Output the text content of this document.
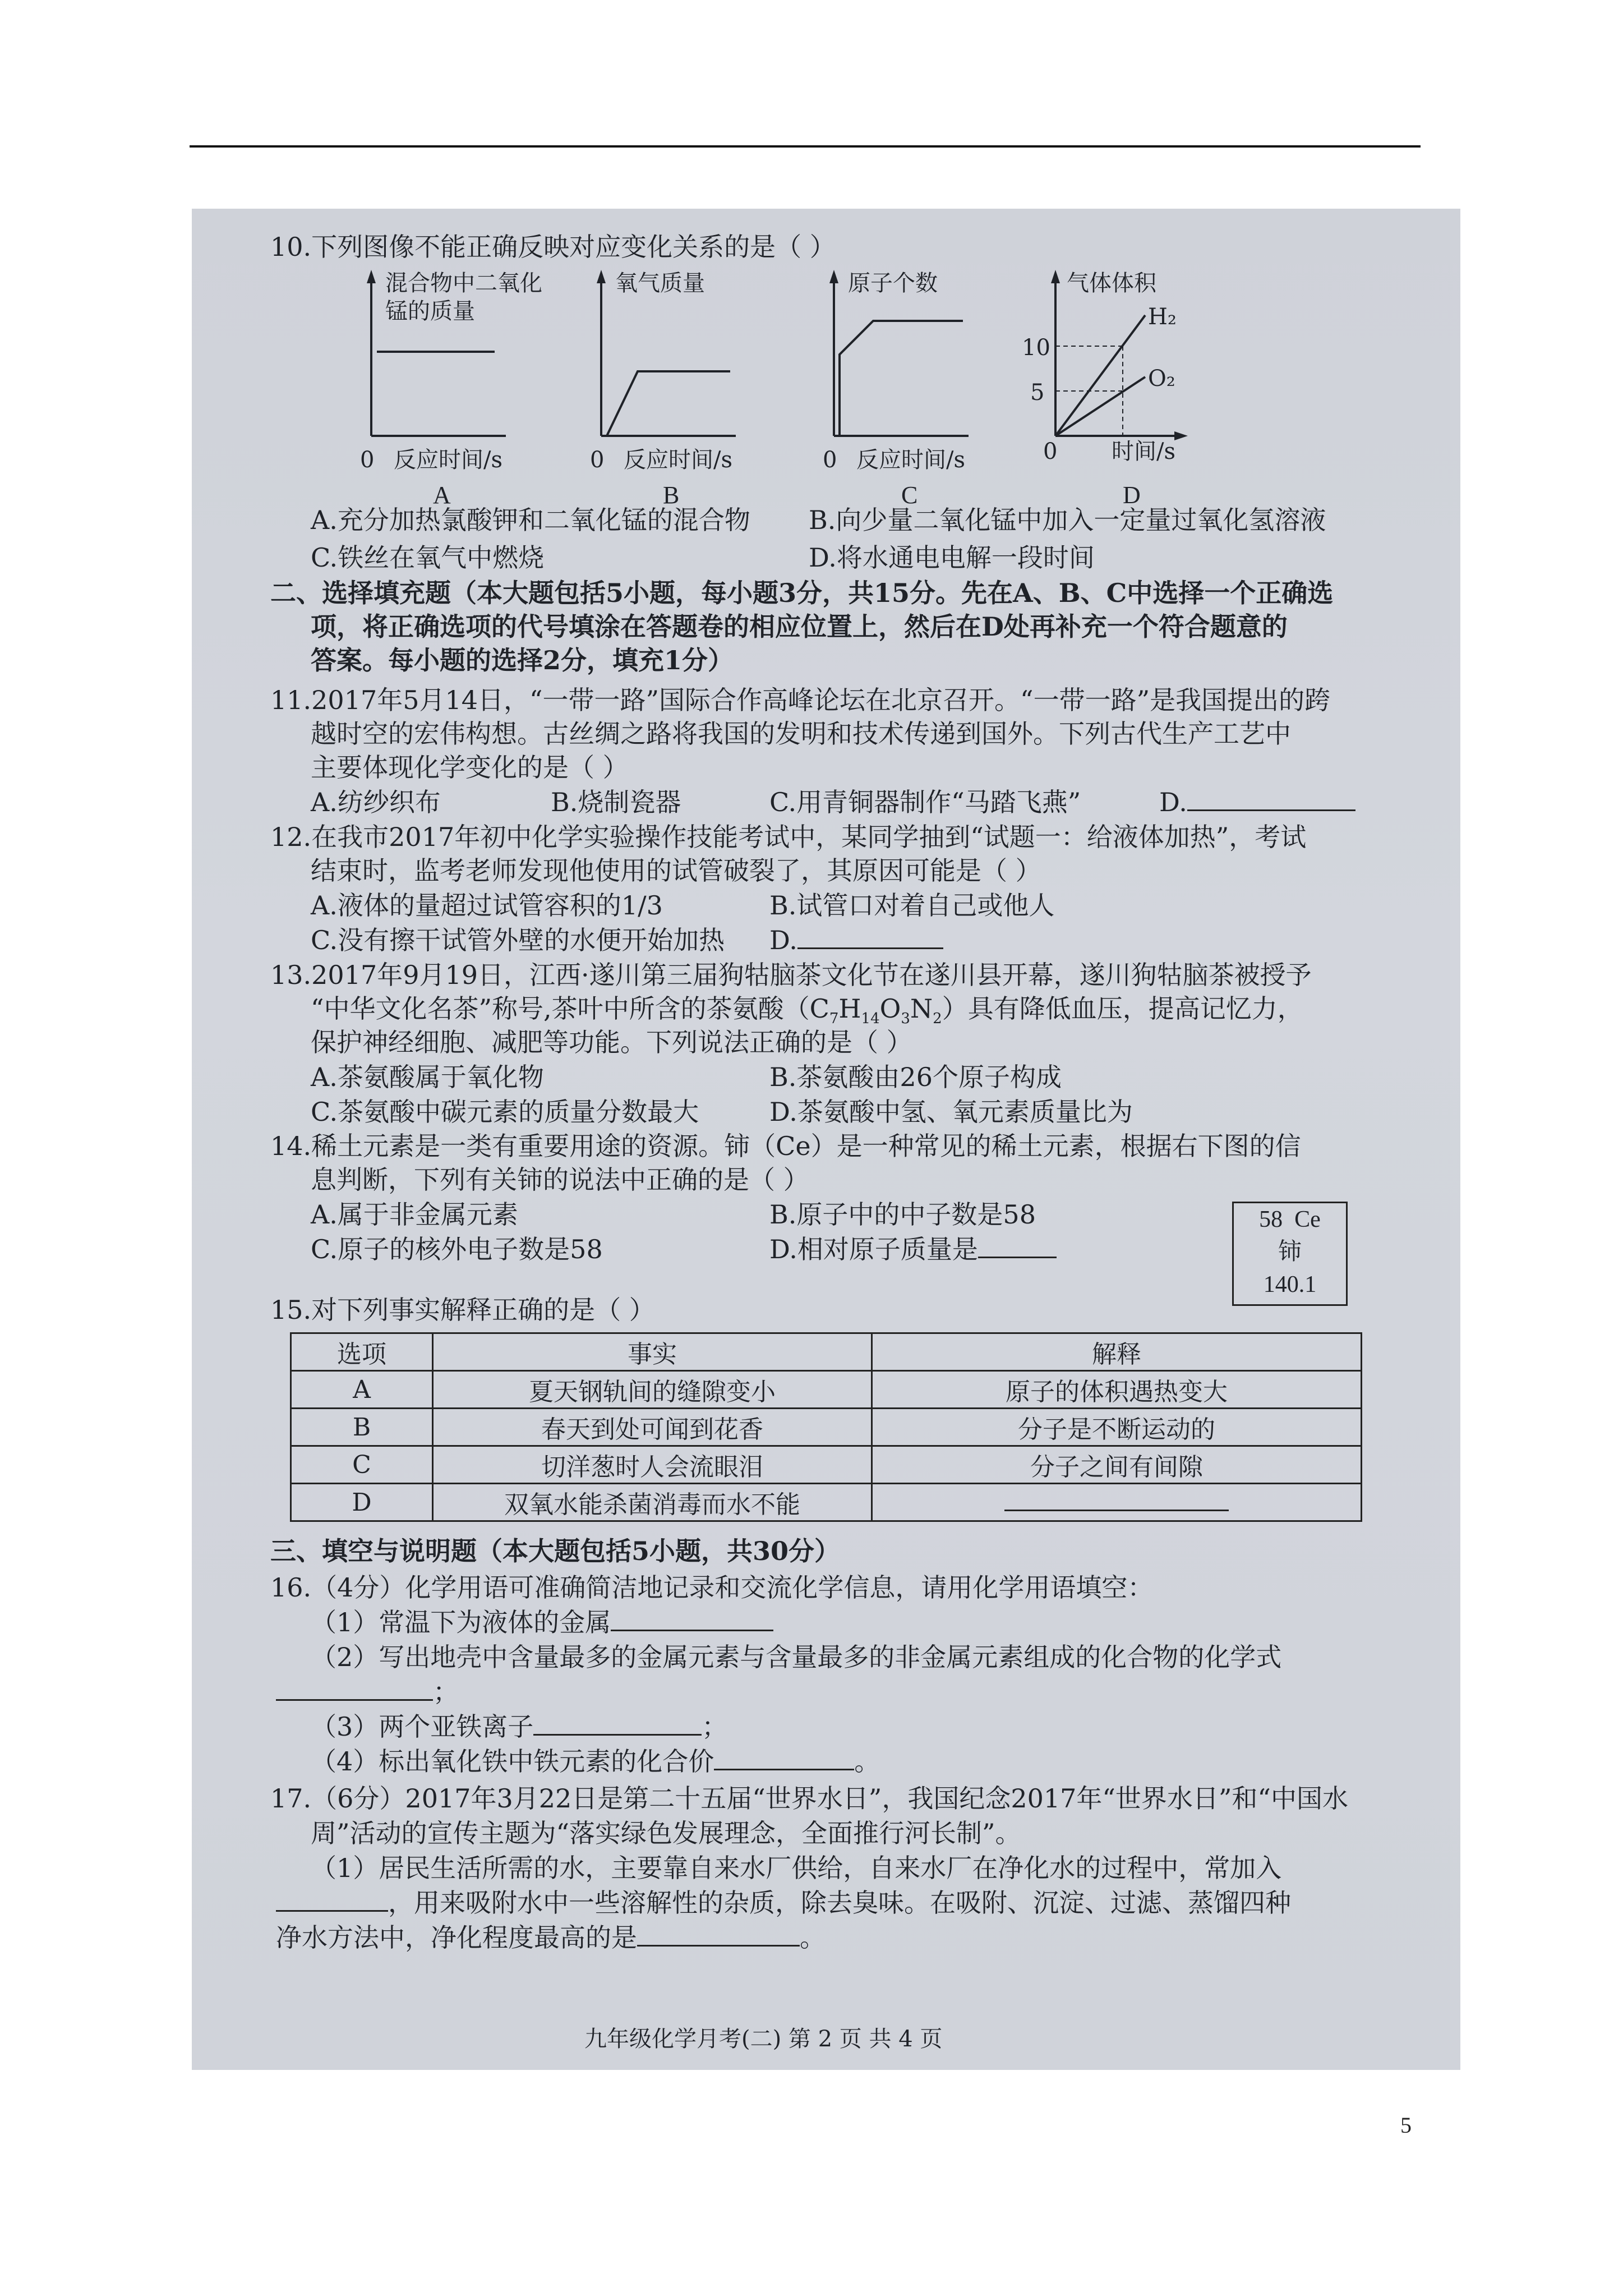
10.下列图像不能正确反映对应变化关系的是（ ）
混合物中二氧化
锰的质量
0 反应时间/s
A
氧气质量
0 反应时间/s
B
原子个数
0 反应时间/s
C
气体体积
10
5
H₂
O₂
0 时间/s
D
A.充分加热氯酸钾和二氧化锰的混合物 B.向少量二氧化锰中加入一定量过氧化氢溶液
C.铁丝在氧气中燃烧	D.将水通电电解一段时间
二、选择填充题（本大题包括5小题，每小题3分，共15分。先在A、B、C中选择一个正确选
项，将正确选项的代号填涂在答题卷的相应位置上，然后在D处再补充一个符合题意的
答案。每小题的选择2分，填充1分）
11.2017年5月14日，“一带一路”国际合作高峰论坛在北京召开。“一带一路”是我国提出的跨
越时空的宏伟构想。古丝绸之路将我国的发明和技术传递到国外。下列古代生产工艺中
主要体现化学变化的是（ ）
A.纺纱织布	B.烧制瓷器	C.用青铜器制作“马踏飞燕”	D.
12.在我市2017年初中化学实验操作技能考试中，某同学抽到“试题一：给液体加热”，考试
结束时，监考老师发现他使用的试管破裂了，其原因可能是（ ）
A.液体的量超过试管容积的1/3	B.试管口对着自己或他人
C.没有擦干试管外壁的水便开始加热 D.
13.2017年9月19日，江西·遂川第三届狗牯脑茶文化节在遂川县开幕，遂川狗牯脑茶被授予
“中华文化名茶”称号,茶叶中所含的茶氨酸$(C_7H_{14}O_3N_2)$具有降低血压，提高记忆力，
保护神经细胞、减肥等功能。下列说法正确的是（ ）
A.茶氨酸属于氧化物	B.茶氨酸由26个原子构成
C.茶氨酸中碳元素的质量分数最大	D.茶氨酸中氢、氧元素质量比为
14.稀土元素是一类有重要用途的资源。铈（Ce）是一种常见的稀土元素，根据右下图的信
息判断，下列有关铈的说法中正确的是（ ）
A.属于非金属元素	B.原子中的中子数是58
C.原子的核外电子数是58	D.相对原子质量是
58 Ce
铈
140.1
15.对下列事实解释正确的是（ ）
选项	事实	解释
A	夏天钢轨间的缝隙变小	原子的体积遇热变大
B	春天到处可闻到花香	分子是不断运动的
C	切洋葱时人会流眼泪	分子之间有间隙
D	双氧水能杀菌消毒而水不能	
三、填空与说明题（本大题包括5小题，共30分）
16.（4分）化学用语可准确简洁地记录和交流化学信息，请用化学用语填空：
（1）常温下为液体的金属
（2）写出地壳中含量最多的金属元素与含量最多的非金属元素组成的化合物的化学式
；
（3）两个亚铁离子	；
（4）标出氧化铁中铁元素的化合价	。
17.（6分）2017年3月22日是第二十五届“世界水日”，我国纪念2017年“世界水日”和“中国水
周”活动的宣传主题为“落实绿色发展理念，全面推行河长制”。
（1）居民生活所需的水，主要靠自来水厂供给，自来水厂在净化水的过程中，常加入
，用来吸附水中一些溶解性的杂质，除去臭味。在吸附、沉淀、过滤、蒸馏四种
净水方法中，净化程度最高的是	。
九年级化学月考(二) 第 2 页 共 4 页
5
